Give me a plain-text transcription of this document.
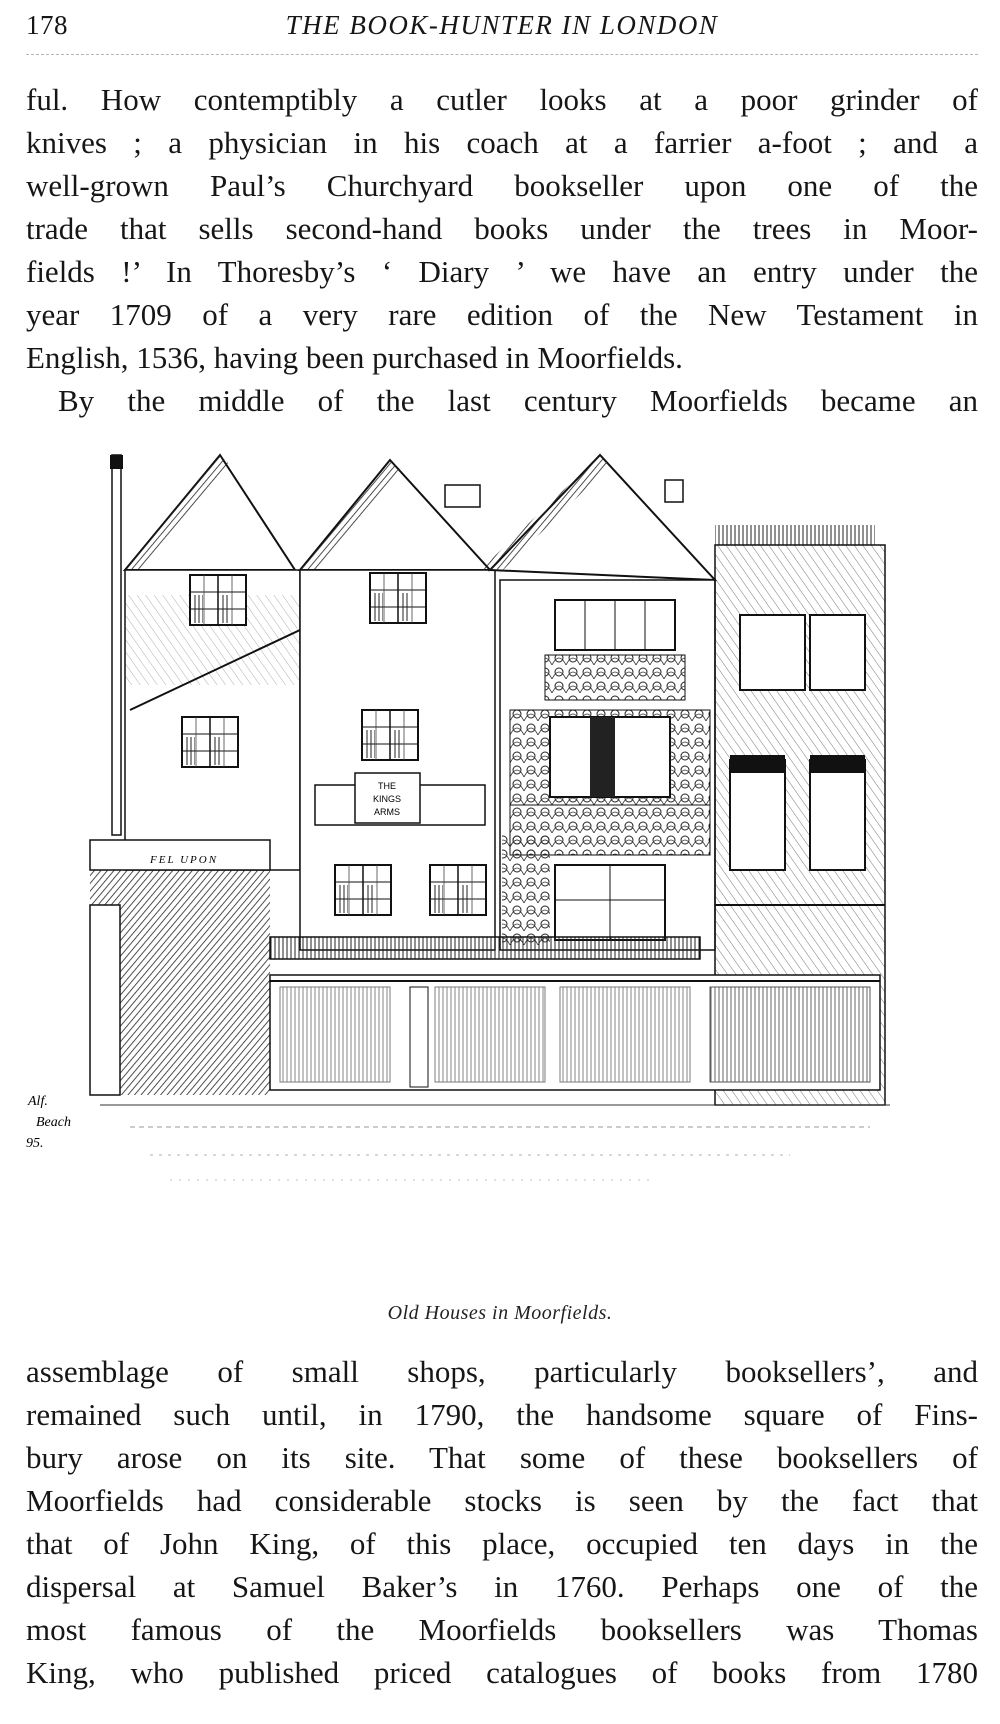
178	THE BOOK-HUNTER IN LONDON
ful. How contemptibly a cutler looks at a poor grinder of
knives ; a physician in his coach at a farrier a-foot ; and a
well-grown Paul’s Churchyard bookseller upon one of the
trade that sells second-hand books under the trees in Moor-
fields !’ In Thoresby’s ‘ Diary ’ we have an entry under the
year 1709 of a very rare edition of the New Testament in
English, 1536, having been purchased in Moorfields.
By the middle of the last century Moorfields became an
FEL UPON
THE
KINGS
ARMS
Alf.
Beach
95.
Old Houses in Moorfields.
assemblage of small shops, particularly booksellers’, and
remained such until, in 1790, the handsome square of Fins-
bury arose on its site. That some of these booksellers of
Moorfields had considerable stocks is seen by the fact that
that of John King, of this place, occupied ten days in the
dispersal at Samuel Baker’s in 1760. Perhaps one of the
most famous of the Moorfields booksellers was Thomas
King, who published priced catalogues of books from 1780
